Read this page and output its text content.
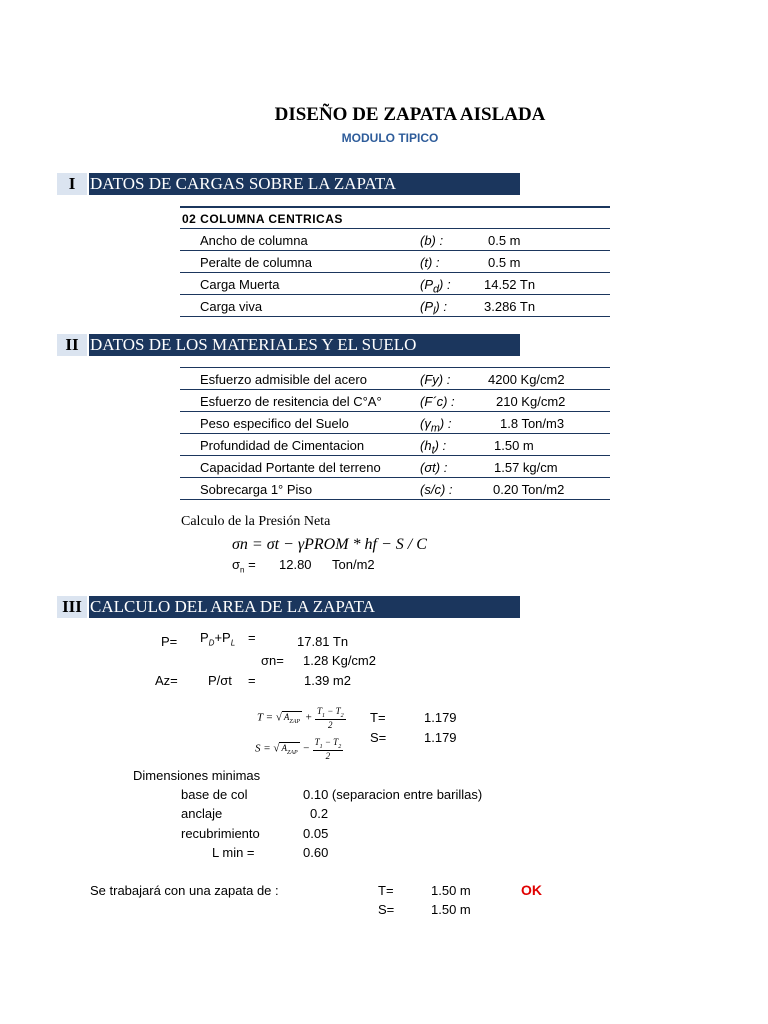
DISEÑO DE ZAPATA AISLADA
MODULO TIPICO
I DATOS DE CARGAS SOBRE LA ZAPATA
02 COLUMNA CENTRICAS
Ancho de columna	(b) :	0.5 m
Peralte de columna	(t) :	0.5 m
Carga Muerta	$(P_d)$ :	14.52 Tn
Carga viva	$(P_l)$ :	3.286 Tn
II DATOS DE LOS MATERIALES Y EL SUELO
Esfuerzo admisible del acero	(Fy) :	4200 Kg/cm2
Esfuerzo de resitencia del C°A°	(F´c) :	210 Kg/cm2
Peso especifico del Suelo	$(\gamma_m)$ :	1.8 Ton/m3
Profundidad de Cimentacion	$(h_t)$ :	1.50 m
Capacidad Portante del terreno	(σt) :	1.57 kg/cm
Sobrecarga 1° Piso	(s/c) :	0.20 Ton/m2
Calculo de la Presión Neta
σn = σt − γPROM * hf − S / C
$\sigma_n = 12.80$ Ton/m2
III CALCULO DEL AREA DE LA ZAPATA
$P= P_D+P_L$ =	17.81 Tn
σn= 1.28 Kg/cm2
Az= P/σt =	1.39 m2
T = √ $A_{ZAP} + \frac{T_1 - T_2}{2}$
S = √ $A_{ZAP} - \frac{T_1 - T_2}{2}$
T=	1.179
S=	1.179
Dimensiones minimas
base de col	0.10 (separacion entre barillas)
anclaje	0.2
recubrimiento	0.05
L min =	0.60
Se trabajará con una zapata de :	T=	1.50 m	OK
S=	1.50 m
